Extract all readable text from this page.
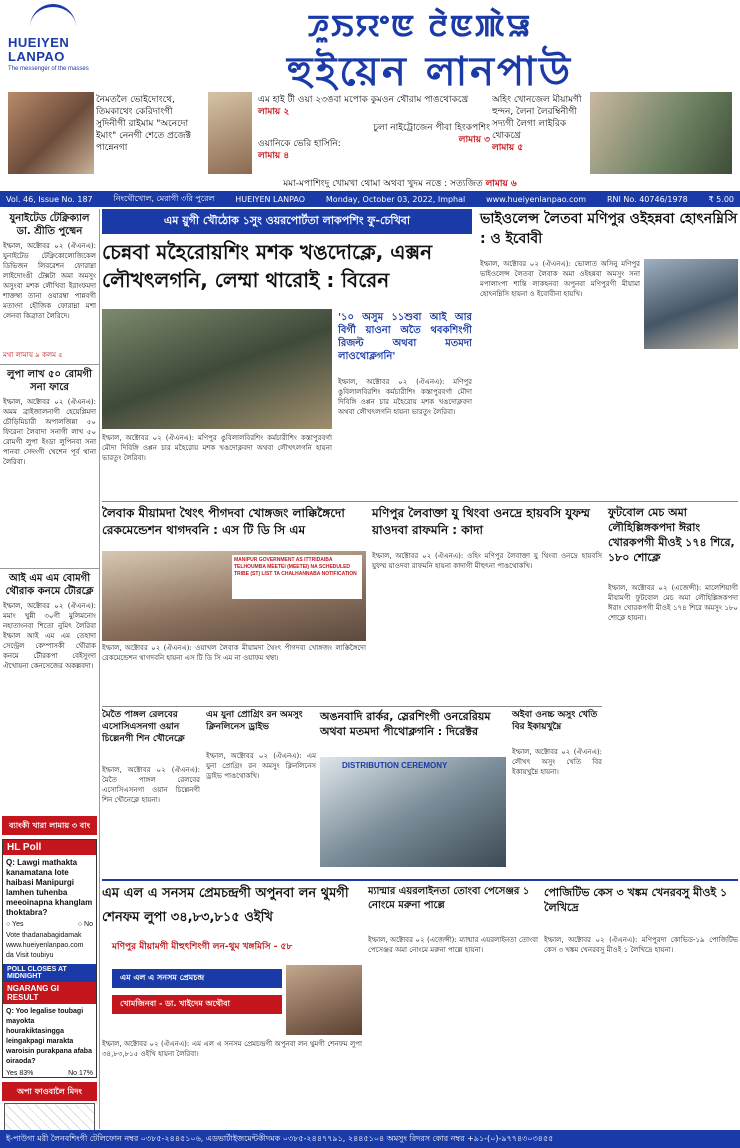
HUEIYEN
LANPAO
The messenger of the masses
ꯍꯨꯏꯌꯦꯟ ꯂꯥꯟꯄꯥꯎ
হুইয়েন লানপাউ
নৈমতলৈ ভোইদোংথে, তিমকাথেং কেরিদাংগী সুদিনীগী রাইমাম "অনেদো ইমাং" নেনগী শেতে প্রজেক্ট পান্নেনগা
এম হাই টী ওয়া ২৩ঙবা মপোক কুমওন থৌরাম পাঙথোকখ্রে
লামায় ২
চুলা নাইট্রোজেন পীবা হিংকপশিং
লামায় ৩
ওয়ানিকে ভেরি হাসিনি:
লামায় ৪
অহিং খোনজেল মীয়ামগী হুন্দন, লৈনা লৈরম্বিনীগী সদ্যগী লৈগা লাইরিক থোকখ্রে
লামায় ৫
মমা-মপাশিংদু খোমখা থোমা অথবা খুদম নত্তে : সত্যজিত লামায় ৬
Vol. 46, Issue No. 187	নিংথৌখোল, মেরাগী ৩রি পুরেল	HUEIYEN LANPAO	Monday, October 03, 2022, Imphal	www.hueiyenlanpao.com	RNI No. 40746/1978	₹ 5.00
যুনাইটেড টেক্নিক্যাল ডা. শ্রীতি পুষ্মেন
ইম্ফাল, অক্টোবর ০২ (ঐএনএ): যুনাইটেড টেক্নিকোলোজিকেল ডিভিজন লিবরেশন ফোরাম্না লাইদোংঙী টেক্সটা অমা অমসুং অসুংবা মশক লৌখিবা ইরাংফমদা শাক্তম্বা তানা ওয়ারম্বা পান্নবগী মতাংদা হৌজিক ফোরাম্না মশা লেনবা কিব্রাতা লৈরিদে।
মথা লামায় ৯ কলম ৫
লুপা লাখ ৫০ রোমগী সনা ফারে
ইম্ফাল, অক্টোবর ০২ (ঐএনএ): অমম ব্রাইজালনাগী হেয়েপ্লিমদা চৌড়িমিচারী অপালজিন্না ৫০ ফিরেনা লৈবাদা সনাগী লাখ ৫০ রোমগী লুপা ইংডা লুপিনবা সনা পানবা সেদংগী খেশেন পূর্ব থানা লৈরিবা।
আই এম এম বোমগী থৌরাক কনমে টৌরক্লে
ইম্ফাল, অক্টোবর ০২ (ঐএনএ): মমাং খুন্নী ৩০গী মুলিমনোং নহাতাংনবা শিতো নুমিৎ লৈরিবা ইম্ফাল আই এম এম তেহাদা সেন্ট্রেল কেম্পাসকী থৌরাক কনমে টৌরকপা বেইসুংদা ঐখোয়না কেনসেজের অকল্লবদা।
ব্যাংকী খারা লামায় ৩ বাং
HL Poll
Q: Lawgi mathakta kanamatana lote haibasi Manipurgi lamhen tuhenba meeoinapna khanglam thoktabra?
○ Yes	○ No
Vote thadanabagidamak www.hueiyenlanpao.com da Visit toubiyu
POLL CLOSES AT MIDNIGHT
NGARANG GI RESULT
Q: Yoo legalise toubagi mayokta hourakiktasingga leingakpagi marakta waroisin purakpana afaba oiraoda?
Yes 83%	No 17%
অপা ফাওবালৈ মিদং
এম য়ুগী খৌঠোক ১সুং ওয়রপোর্টতা লাকপশিং ফু-চেখিবা
চেন্নবা মহৈরোয়শিং মশক খঙদোক্লে, এক্সন
লৌখৎলগনি, লেম্মা থারোই : বিরেন
'১০ অসুম ১১শুবা আই আর বির্গী য়াওনা অতৈ থবকশিংগী রিজল্ট অথবা মতমদা লাওথোক্লগনি'
ইম্ফাল, অক্টোবর ০২ (ঐএনএ): মণিপুর ঙুবিলালবিরশিং কর্মচারীশিং কস্তাপুরবর্গা মৌদা দিবিঙ্গি ওপ্পন চার মহৈরোয় মশক খঙদোক্লবদা অথবা লৌখৎলগনি হায়না ভারতুং লৈরিবা।
ইম্ফাল, অক্টোবর ০২ (ঐএনএ): মণিপুর ঙুবিলালবিরশিং কর্মচারীশিং কস্তাপুরবর্গা মৌদা দিবিঙ্গি ওপ্পন চার মহৈরোয় মশক খঙদোক্লবদা অথবা লৌখৎলগনি হায়না ভারতুং লৈরিবা।
ভাইওলেন্স লৈতবা মণিপুর ওইহন্নবা হোৎনম্নিসি : ও ইবোবী
ইম্ফাল, অক্টোবর ০২ (ঐএনএ): ভোলাত অসিনু মণিপুর ভাইওলেন্স লৈতবা লৈবাক অমা ওইহন্নবা অমসুং সনা মপালাংপা শান্তি লাকহনবা অপুনবা মণিপুরগী মীয়ামা হোৎনম্নিসি হায়না ও ইবোবীনা হায়খি।
লৈবাক মীয়ামদা থৈংৎ পীগদবা খোঙ্গজং লাক্কিঙ্গৈদো রেকমেন্ডেশন থাগদবনি : এস টি ডি সি এম
MANIPUR GOVERNMENT AS ITTRIDAIBA TELHOUMBA MEETEI (MEETEI) NA SCHEDULED TRIBE (ST) LIST TA CHALHANNABA NOTIFICATION
ইম্ফাল, অক্টোবর ০২ (ঐএনএ): ওয়াখল লৈবাক মীয়ামদা থৈংৎ পীগদবা খোঙ্গজং লাক্কিঙ্গৈদো রেকমেন্ডেশন থাগদবনি হায়না এস টি ডি সি এম না ওয়াফম থম্বা।
মণিপুর লৈবাক্তা যু থিংবা ওনদ্রে হায়বসি যুফম্ম য়াওদবা রাফমনি : কাদা
ইম্ফাল, অক্টোবর ০২ (ঐএনএ): ওহিং মণিপুর লৈবাক্তা যু থিংবা ওনদ্রে হায়বসি যুফম্ম য়াওদবা রাফমনি হায়না কাদাগী মীহুৎনা পাঙথোকখি।
ফুটবোল মেচ অমা লৌহিল্লিঙ্গকপদা ঈরাং খোরকপগী মীওই ১৭৪ শিরে, ১৮০ শোক্লে
ইম্ফাল, অক্টোবর ০২ (এজেন্সী): মালেশিয়াগী মীয়ামগী ফুটবোল মেচ অমা লৌহিল্লিঙ্গকপদা ঈরাং খোরকপগী মীওই ১৭৪ শিরে অমসুং ১৮০ শোক্লে হায়না।
মৈতৈ পাঙ্গল রেলবের এসোসিএসনগা ওয়ান চিল্লেনগী শিন খৌনেক্লে
ইম্ফাল, অক্টোবর ০২ (ঐএনএ): মৈতৈ পাঙ্গল রেলবের এসোসিএসনগা ওয়ান চিল্লেনগী শিন খৌনেক্লে হায়না।
এম যুনা প্রোগ্রিং রন অমসুং ক্লিনলিনেস ড্রাইভ
ইম্ফাল, অক্টোবর ০২ (ঐএনএ): এম যুনা প্রোগ্রিং রন অমসুং ক্লিনলিনেস ড্রাইভ পাঙথোকখি।
অঙনবাদি রার্কর, স্লেরশিংগী ওনরেরিয়ম অথবা মতমদা পীথোক্লগনি : দিরেক্টর
DISTRIBUTION CEREMONY
অইবা ওনচ্চ অসুং খেতি বির ইকায়খুম্নৈ
ইম্ফাল, অক্টোবর ০২ (ঐএনএ): লৌখৎ অসুং খেতি বির ইকায়খুম্নৈ হায়না।
এম এল এ সনসম প্রেমচন্দ্রগী অপুনবা লন থুমগী
শেনফম লুপা ৩৪,৮৩,৮১৫ ওইখি
মণিপুর মীয়ামগী মীহুৎশিংগী লন-থুম খঙ্গমিসি - ৫৮
এম এল এ সনসম প্রেমচন্দ্র
খোমজিনবা - ডা. খাইদেম অথৌবা
ইম্ফাল, অক্টোবর ০২ (ঐএনএ): এম এল এ সনসম প্রেমচন্দ্রগী অপুনবা লন থুমগী শেনফম লুপা ৩৪,৮৩,৮১৫ ওইখি হায়না লৈরিবা।
ম্যান্মার এয়রলাইনতা তোংবা পেসেঞ্জর ১ নোংমে মরুনা পাল্লে
ইম্ফাল, অক্টোবর ০২ (এজেন্সী): ম্যান্মার এয়রলাইনতা তোংবা পেসেঞ্জর অমা নোংমে মরুনা পাল্লে হায়না।
পোজিটিভ কেস ৩ খঙ্কম খেনরবসু মীওই ১ লৈখিদ্রে
ইম্ফাল, অক্টোবর ০২ (ঐএনএ): মণিপুরদা কোভিড-১৯ পোজিটিভ কেস ৩ খঙ্কম খেনরবসু মীওই ১ লৈখিদ্রে হায়না।
ই-পাউগা মরী লৈনবশিংগী টেলিফোন নম্বর ০৩৮৫-২৪৪৫১০৬, এডভার্টাইজমেন্টকীদমক ০৩৮৫-২৪৪৭৭৯১, ২৪৪৫১০৪ অমসুং রিদরস কোর নম্বর +৯১-(০)-৯৭৭৪৩০৩৪৫৫
